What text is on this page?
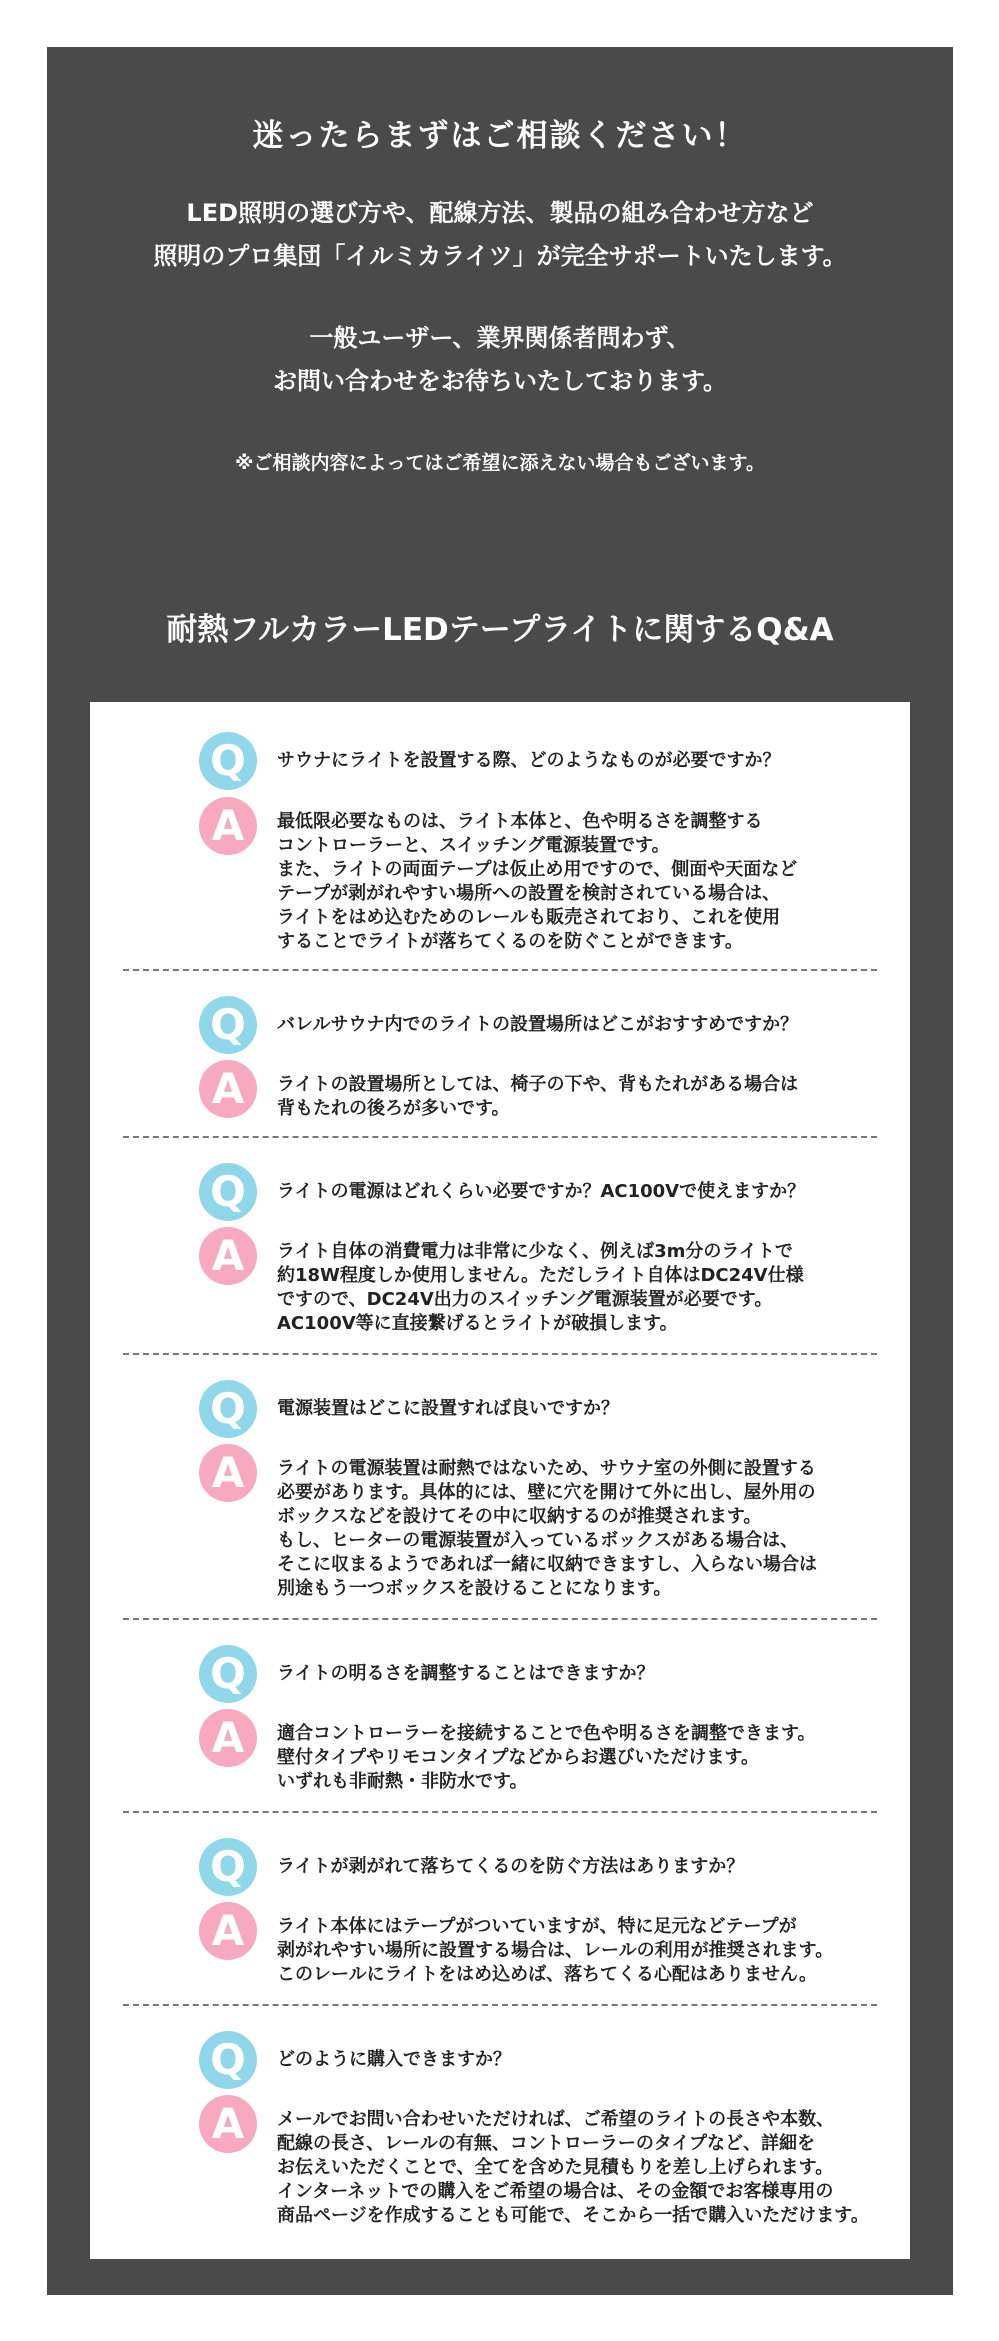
迷ったらまずはご相談ください！
LED照明の選び方や、配線方法、製品の組み合わせ方など
照明のプロ集団「イルミカライツ」が完全サポートいたします。
一般ユーザー、業界関係者問わず、
お問い合わせをお待ちいたしております。
※ご相談内容によってはご希望に添えない場合もございます。
耐熱フルカラーLEDテープライトに関するQ&A
Q	サウナにライトを設置する際、どのようなものが必要ですか？
A	最低限必要なものは、ライト本体と、色や明るさを調整する
コントローラーと、スイッチング電源装置です。
また、ライトの両面テープは仮止め用ですので、側面や天面など
テープが剥がれやすい場所への設置を検討されている場合は、
ライトをはめ込むためのレールも販売されており、これを使用
することでライトが落ちてくるのを防ぐことができます。
Q	バレルサウナ内でのライトの設置場所はどこがおすすめですか？
A	ライトの設置場所としては、椅子の下や、背もたれがある場合は
背もたれの後ろが多いです。
Q	ライトの電源はどれくらい必要ですか？AC100Vで使えますか？
A	ライト自体の消費電力は非常に少なく、例えば3m分のライトで
約18W程度しか使用しません。ただしライト自体はDC24V仕様
ですので、DC24V出力のスイッチング電源装置が必要です。
AC100V等に直接繋げるとライトが破損します。
Q	電源装置はどこに設置すれば良いですか？
A	ライトの電源装置は耐熱ではないため、サウナ室の外側に設置する
必要があります。具体的には、壁に穴を開けて外に出し、屋外用の
ボックスなどを設けてその中に収納するのが推奨されます。
もし、ヒーターの電源装置が入っているボックスがある場合は、
そこに収まるようであれば一緒に収納できますし、入らない場合は
別途もう一つボックスを設けることになります。
Q	ライトの明るさを調整することはできますか？
A	適合コントローラーを接続することで色や明るさを調整できます。
壁付タイプやリモコンタイプなどからお選びいただけます。
いずれも非耐熱・非防水です。
Q	ライトが剥がれて落ちてくるのを防ぐ方法はありますか？
A	ライト本体にはテープがついていますが、特に足元などテープが
剥がれやすい場所に設置する場合は、レールの利用が推奨されます。
このレールにライトをはめ込めば、落ちてくる心配はありません。
Q	どのように購入できますか？
A	メールでお問い合わせいただければ、ご希望のライトの長さや本数、
配線の長さ、レールの有無、コントローラーのタイプなど、詳細を
お伝えいただくことで、全てを含めた見積もりを差し上げられます。
インターネットでの購入をご希望の場合は、その金額でお客様専用の
商品ページを作成することも可能で、そこから一括で購入いただけます。
